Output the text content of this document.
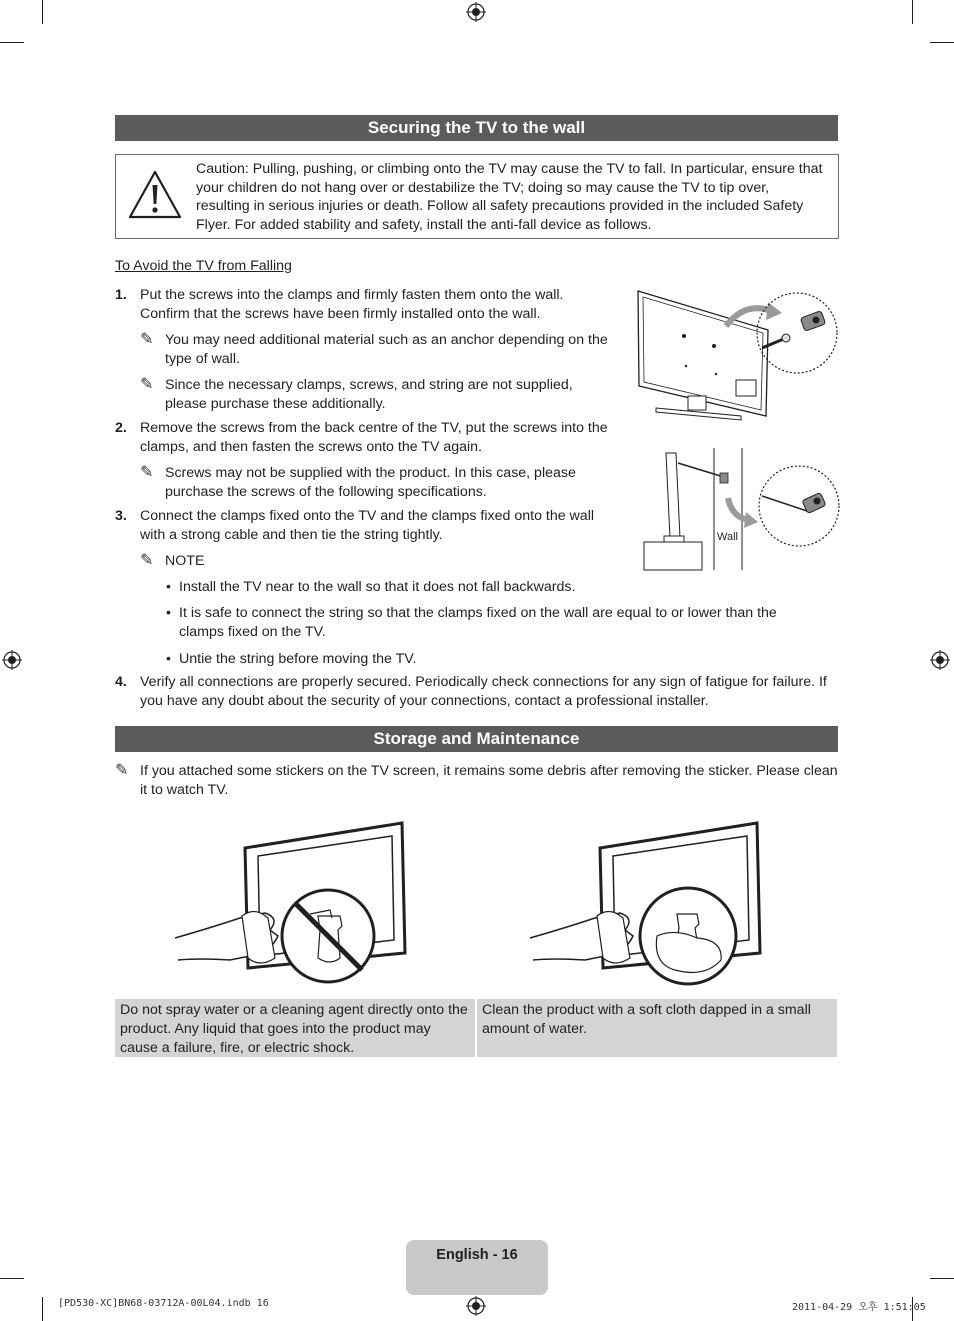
Securing the TV to the wall
Caution: Pulling, pushing, or climbing onto the TV may cause the TV to fall. In particular, ensure that your children do not hang over or destabilize the TV; doing so may cause the TV to tip over, resulting in serious injuries or death. Follow all safety precautions provided in the included Safety Flyer. For added stability and safety, install the anti-fall device as follows.
To Avoid the TV from Falling
1. Put the screws into the clamps and firmly fasten them onto the wall. Confirm that the screws have been firmly installed onto the wall.
✎ You may need additional material such as an anchor depending on the type of wall.
✎ Since the necessary clamps, screws, and string are not supplied, please purchase these additionally.
2. Remove the screws from the back centre of the TV, put the screws into the clamps, and then fasten the screws onto the TV again.
✎ Screws may not be supplied with the product. In this case, please purchase the screws of the following specifications.
3. Connect the clamps fixed onto the TV and the clamps fixed onto the wall with a strong cable and then tie the string tightly.
✎ NOTE
• Install the TV near to the wall so that it does not fall backwards.
• It is safe to connect the string so that the clamps fixed on the wall are equal to or lower than the clamps fixed on the TV.
• Untie the string before moving the TV.
4. Verify all connections are properly secured. Periodically check connections for any sign of fatigue for failure. If you have any doubt about the security of your connections, contact a professional installer.
Wall
Storage and Maintenance
✎ If you attached some stickers on the TV screen, it remains some debris after removing the sticker. Please clean it to watch TV.
Do not spray water or a cleaning agent directly onto the product. Any liquid that goes into the product may cause a failure, fire, or electric shock.
Clean the product with a soft cloth dapped in a small amount of water.
English - 16
[PD530-XC]BN68-03712A-00L04.indb 16	2011-04-29 오후 1:51:05
